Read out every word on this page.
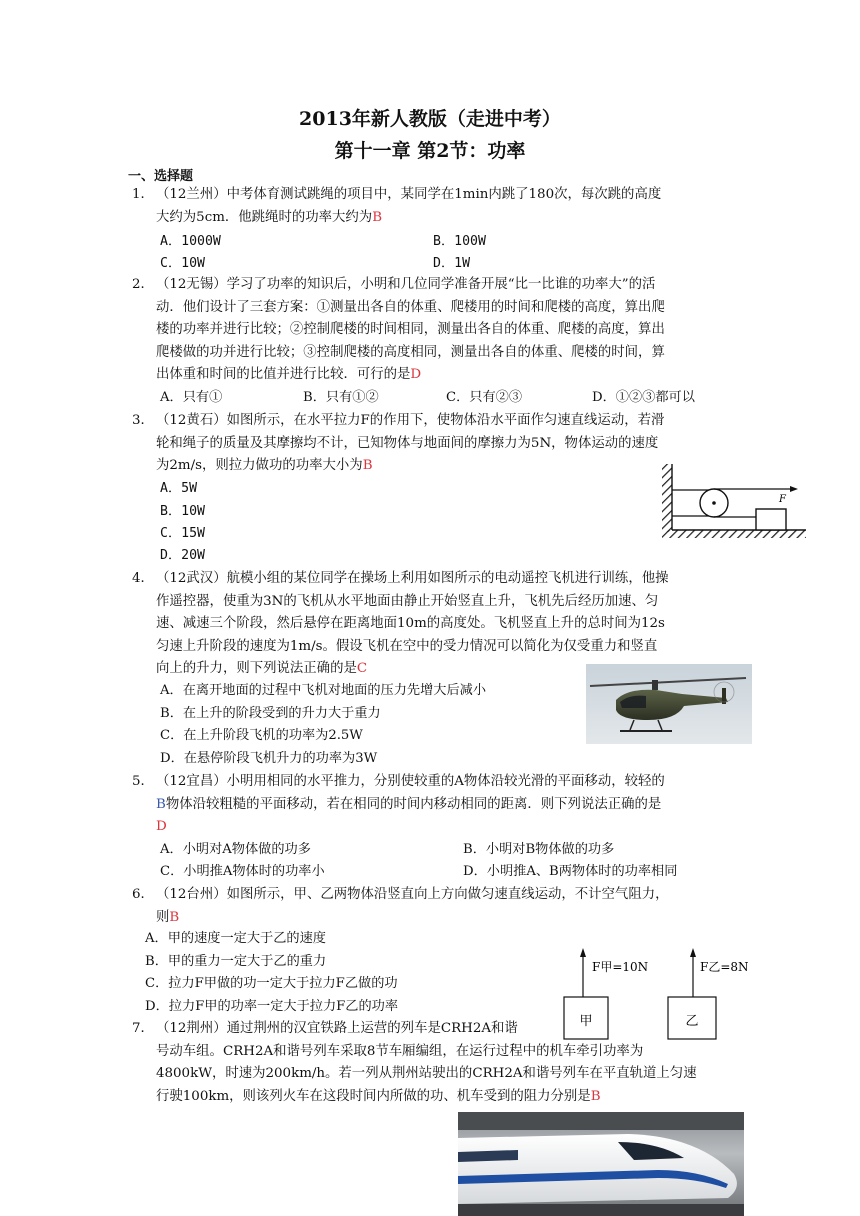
2013年新人教版（走进中考）
第十一章 第2节：功率
一、选择题
1． （12兰州）中考体育测试跳绳的项目中，某同学在1min内跳了180次，每次跳的高度
大约为5cm．他跳绳时的功率大约为B
A．1000W	B．100W
C．10W	D．1W
2． （12无锡）学习了功率的知识后，小明和几位同学准备开展“比一比谁的功率大”的活
动．他们设计了三套方案：①测量出各自的体重、爬楼用的时间和爬楼的高度，算出爬
楼的功率并进行比较；②控制爬楼的时间相同，测量出各自的体重、爬楼的高度，算出
爬楼做的功并进行比较；③控制爬楼的高度相同，测量出各自的体重、爬楼的时间，算
出体重和时间的比值并进行比较．可行的是D
A．只有①	B．只有①②	C．只有②③	D．①②③都可以
3． （12黄石）如图所示，在水平拉力F的作用下，使物体沿水平面作匀速直线运动，若滑
轮和绳子的质量及其摩擦均不计，已知物体与地面间的摩擦力为5N，物体运动的速度
为2m/s，则拉力做功的功率大小为B
A．5W
B．10W
C．15W
D．20W
F
4． （12武汉）航模小组的某位同学在操场上利用如图所示的电动遥控飞机进行训练，他操
作遥控器，使重为3N的飞机从水平地面由静止开始竖直上升，飞机先后经历加速、匀
速、减速三个阶段，然后悬停在距离地面10m的高度处。飞机竖直上升的总时间为12s
匀速上升阶段的速度为1m/s。假设飞机在空中的受力情况可以简化为仅受重力和竖直
向上的升力，则下列说法正确的是C
A．在离开地面的过程中飞机对地面的压力先增大后减小
B．在上升的阶段受到的升力大于重力
C．在上升阶段飞机的功率为2.5W
D．在悬停阶段飞机升力的功率为3W
5． （12宜昌）小明用相同的水平推力，分别使较重的A物体沿较光滑的平面移动，较轻的
B物体沿较粗糙的平面移动，若在相同的时间内移动相同的距离．则下列说法正确的是
D
A．小明对A物体做的功多	B．小明对B物体做的功多
C．小明推A物体时的功率小	D．小明推A、B两物体时的功率相同
6． （12台州）如图所示，甲、乙两物体沿竖直向上方向做匀速直线运动，不计空气阻力，
则B
A．甲的速度一定大于乙的速度
B．甲的重力一定大于乙的重力
C．拉力F甲做的功一定大于拉力F乙做的功
D．拉力F甲的功率一定大于拉力F乙的功率
F甲=10N	F乙=8N
甲	乙
7． （12荆州）通过荆州的汉宜铁路上运营的列车是CRH2A和谐
号动车组。CRH2A和谐号列车采取8节车厢编组，在运行过程中的机车牵引功率为
4800kW，时速为200km/h。若一列从荆州站驶出的CRH2A和谐号列车在平直轨道上匀速
行驶100km，则该列火车在这段时间内所做的功、机车受到的阻力分别是B
